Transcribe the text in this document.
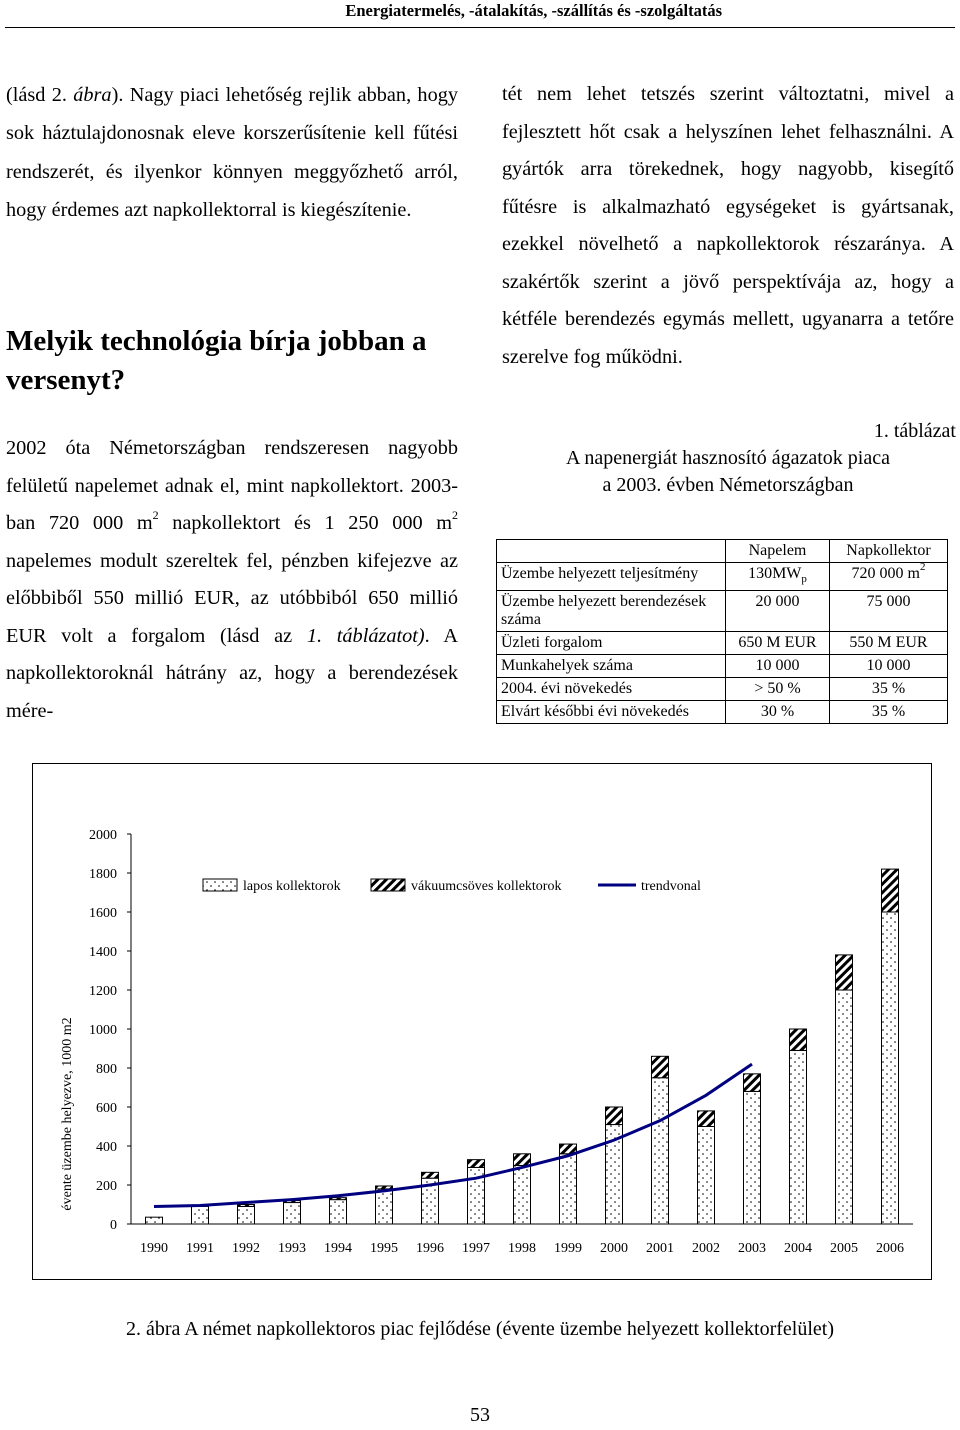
Energiatermelés, -átalakítás, -szállítás és -szolgáltatás

(lásd 2. ábra). Nagy piaci lehetőség rejlik abban, hogy sok háztulajdonosnak eleve korszerűsítenie kell fűtési rendszerét, és ilyenkor könnyen meggyőzhető arról, hogy érdemes azt napkollektorral is kiegészítenie.

Melyik technológia bírja jobban a versenyt?

2002 óta Németországban rendszeresen nagyobb felületű napelemet adnak el, mint napkollektort. 2003-ban 720 000 $m^2$ napkollektort és 1 250 000 $m^2$ napelemes modult szereltek fel, pénzben kifejezve az előbbiből 550 millió EUR, az utóbbiból 650 millió EUR volt a forgalom (lásd az 1. táblázatot). A napkollektoroknál hátrány az, hogy a berendezések mére-

tét nem lehet tetszés szerint változtatni, mivel a fejlesztett hőt csak a helyszínen lehet felhasználni. A gyártók arra törekednek, hogy nagyobb, kisegítő fűtésre is alkalmazható egységeket is gyártsanak, ezekkel növelhető a napkollektorok részaránya. A szakértők szerint a jövő perspektívája az, hogy a kétféle berendezés egymás mellett, ugyanarra a tetőre szerelve fog működni.

1. táblázat
A napenergiát hasznosító ágazatok piaca
a 2003. évben Németországban
	Napelem	Napkollektor
Üzembe helyezett teljesítmény	$130MW_p$	720 000 $m^2$
Üzembe helyezett berendezések száma	20 000	75 000
Üzleti forgalom	650 M EUR	550 M EUR
Munkahelyek száma	10 000	10 000
2004. évi növekedés	> 50 %	35 %
Elvárt későbbi évi növekedés	30 %	35 %
0
200
400
600
800
1000
1200
1400
1600
1800
2000
évente üzembe helyezve, 1000 m2
1990 1991 1992 1993 1994 1995 1996 1997 1998 1999 2000 2001 2002 2003 2004 2005 2006
lapos kollektorok	vákuumcsöves kollektorok	trendvonal
2. ábra A német napkollektoros piac fejlődése (évente üzembe helyezett kollektorfelület)
53
